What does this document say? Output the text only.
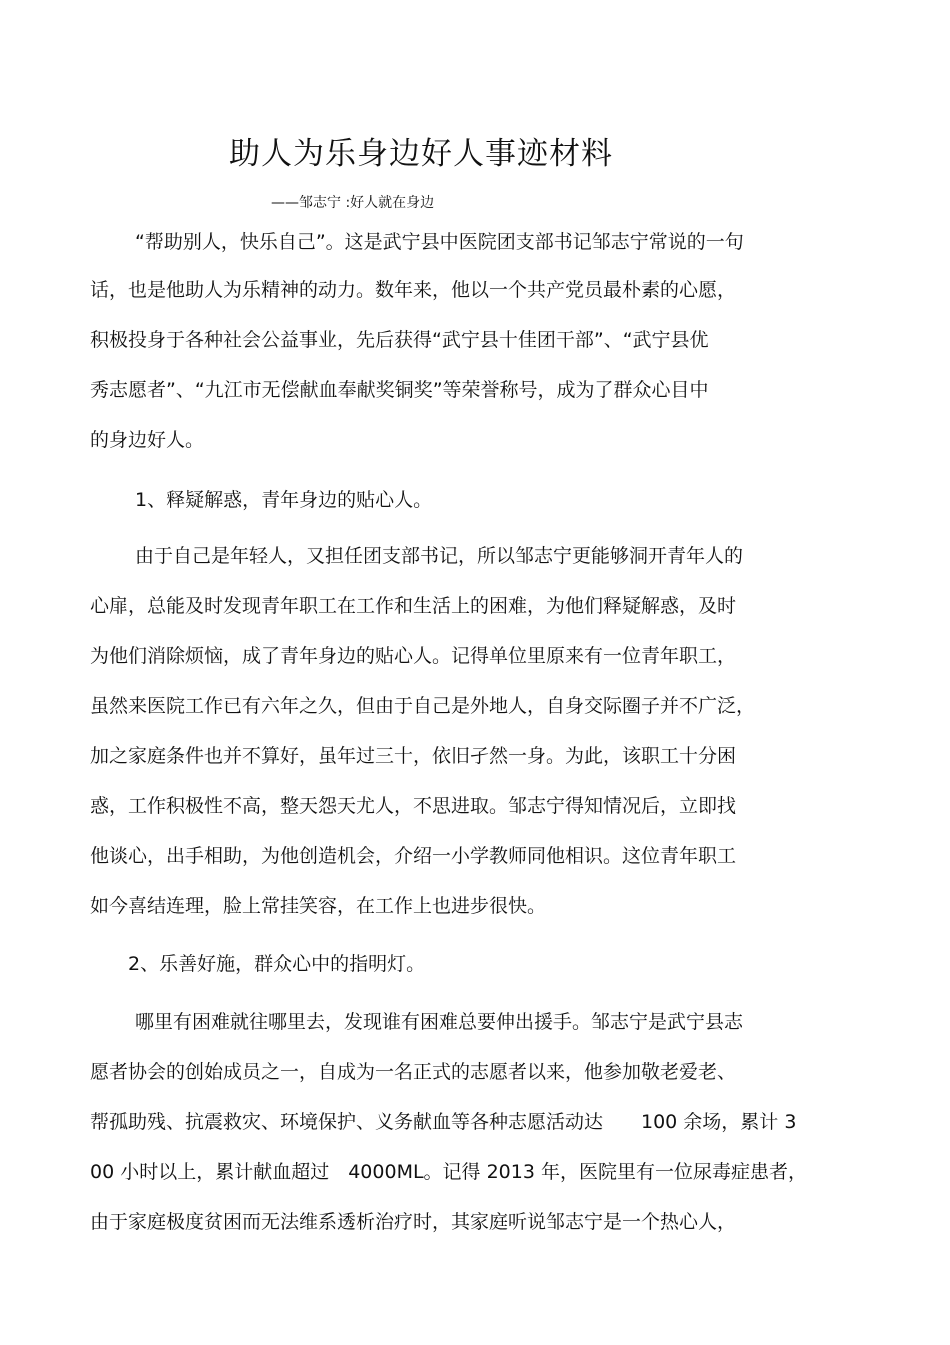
助人为乐身边好人事迹材料
——邹志宁 :好人就在身边
“帮助别人，快乐自己”。这是武宁县中医院团支部书记邹志宁常说的一句
话，也是他助人为乐精神的动力。数年来，他以一个共产党员最朴素的心愿，
积极投身于各种社会公益事业，先后获得“武宁县十佳团干部”、“武宁县优
秀志愿者”、“九江市无偿献血奉献奖铜奖”等荣誉称号，成为了群众心目中
的身边好人。
1、释疑解惑，青年身边的贴心人。
由于自己是年轻人，又担任团支部书记，所以邹志宁更能够洞开青年人的
心扉，总能及时发现青年职工在工作和生活上的困难，为他们释疑解惑，及时
为他们消除烦恼，成了青年身边的贴心人。记得单位里原来有一位青年职工，
虽然来医院工作已有六年之久，但由于自己是外地人，自身交际圈子并不广泛，
加之家庭条件也并不算好，虽年过三十，依旧孑然一身。为此，该职工十分困
惑，工作积极性不高，整天怨天尤人，不思进取。邹志宁得知情况后，立即找
他谈心，出手相助，为他创造机会，介绍一小学教师同他相识。这位青年职工
如今喜结连理，脸上常挂笑容，在工作上也进步很快。
2、乐善好施，群众心中的指明灯。
哪里有困难就往哪里去，发现谁有困难总要伸出援手。邹志宁是武宁县志
愿者协会的创始成员之一，自成为一名正式的志愿者以来，他参加敬老爱老、
帮孤助残、抗震救灾、环境保护、义务献血等各种志愿活动达　　100 余场，累计 3
00 小时以上，累计献血超过　4000ML。记得 2013 年，医院里有一位尿毒症患者，
由于家庭极度贫困而无法维系透析治疗时，其家庭听说邹志宁是一个热心人，
